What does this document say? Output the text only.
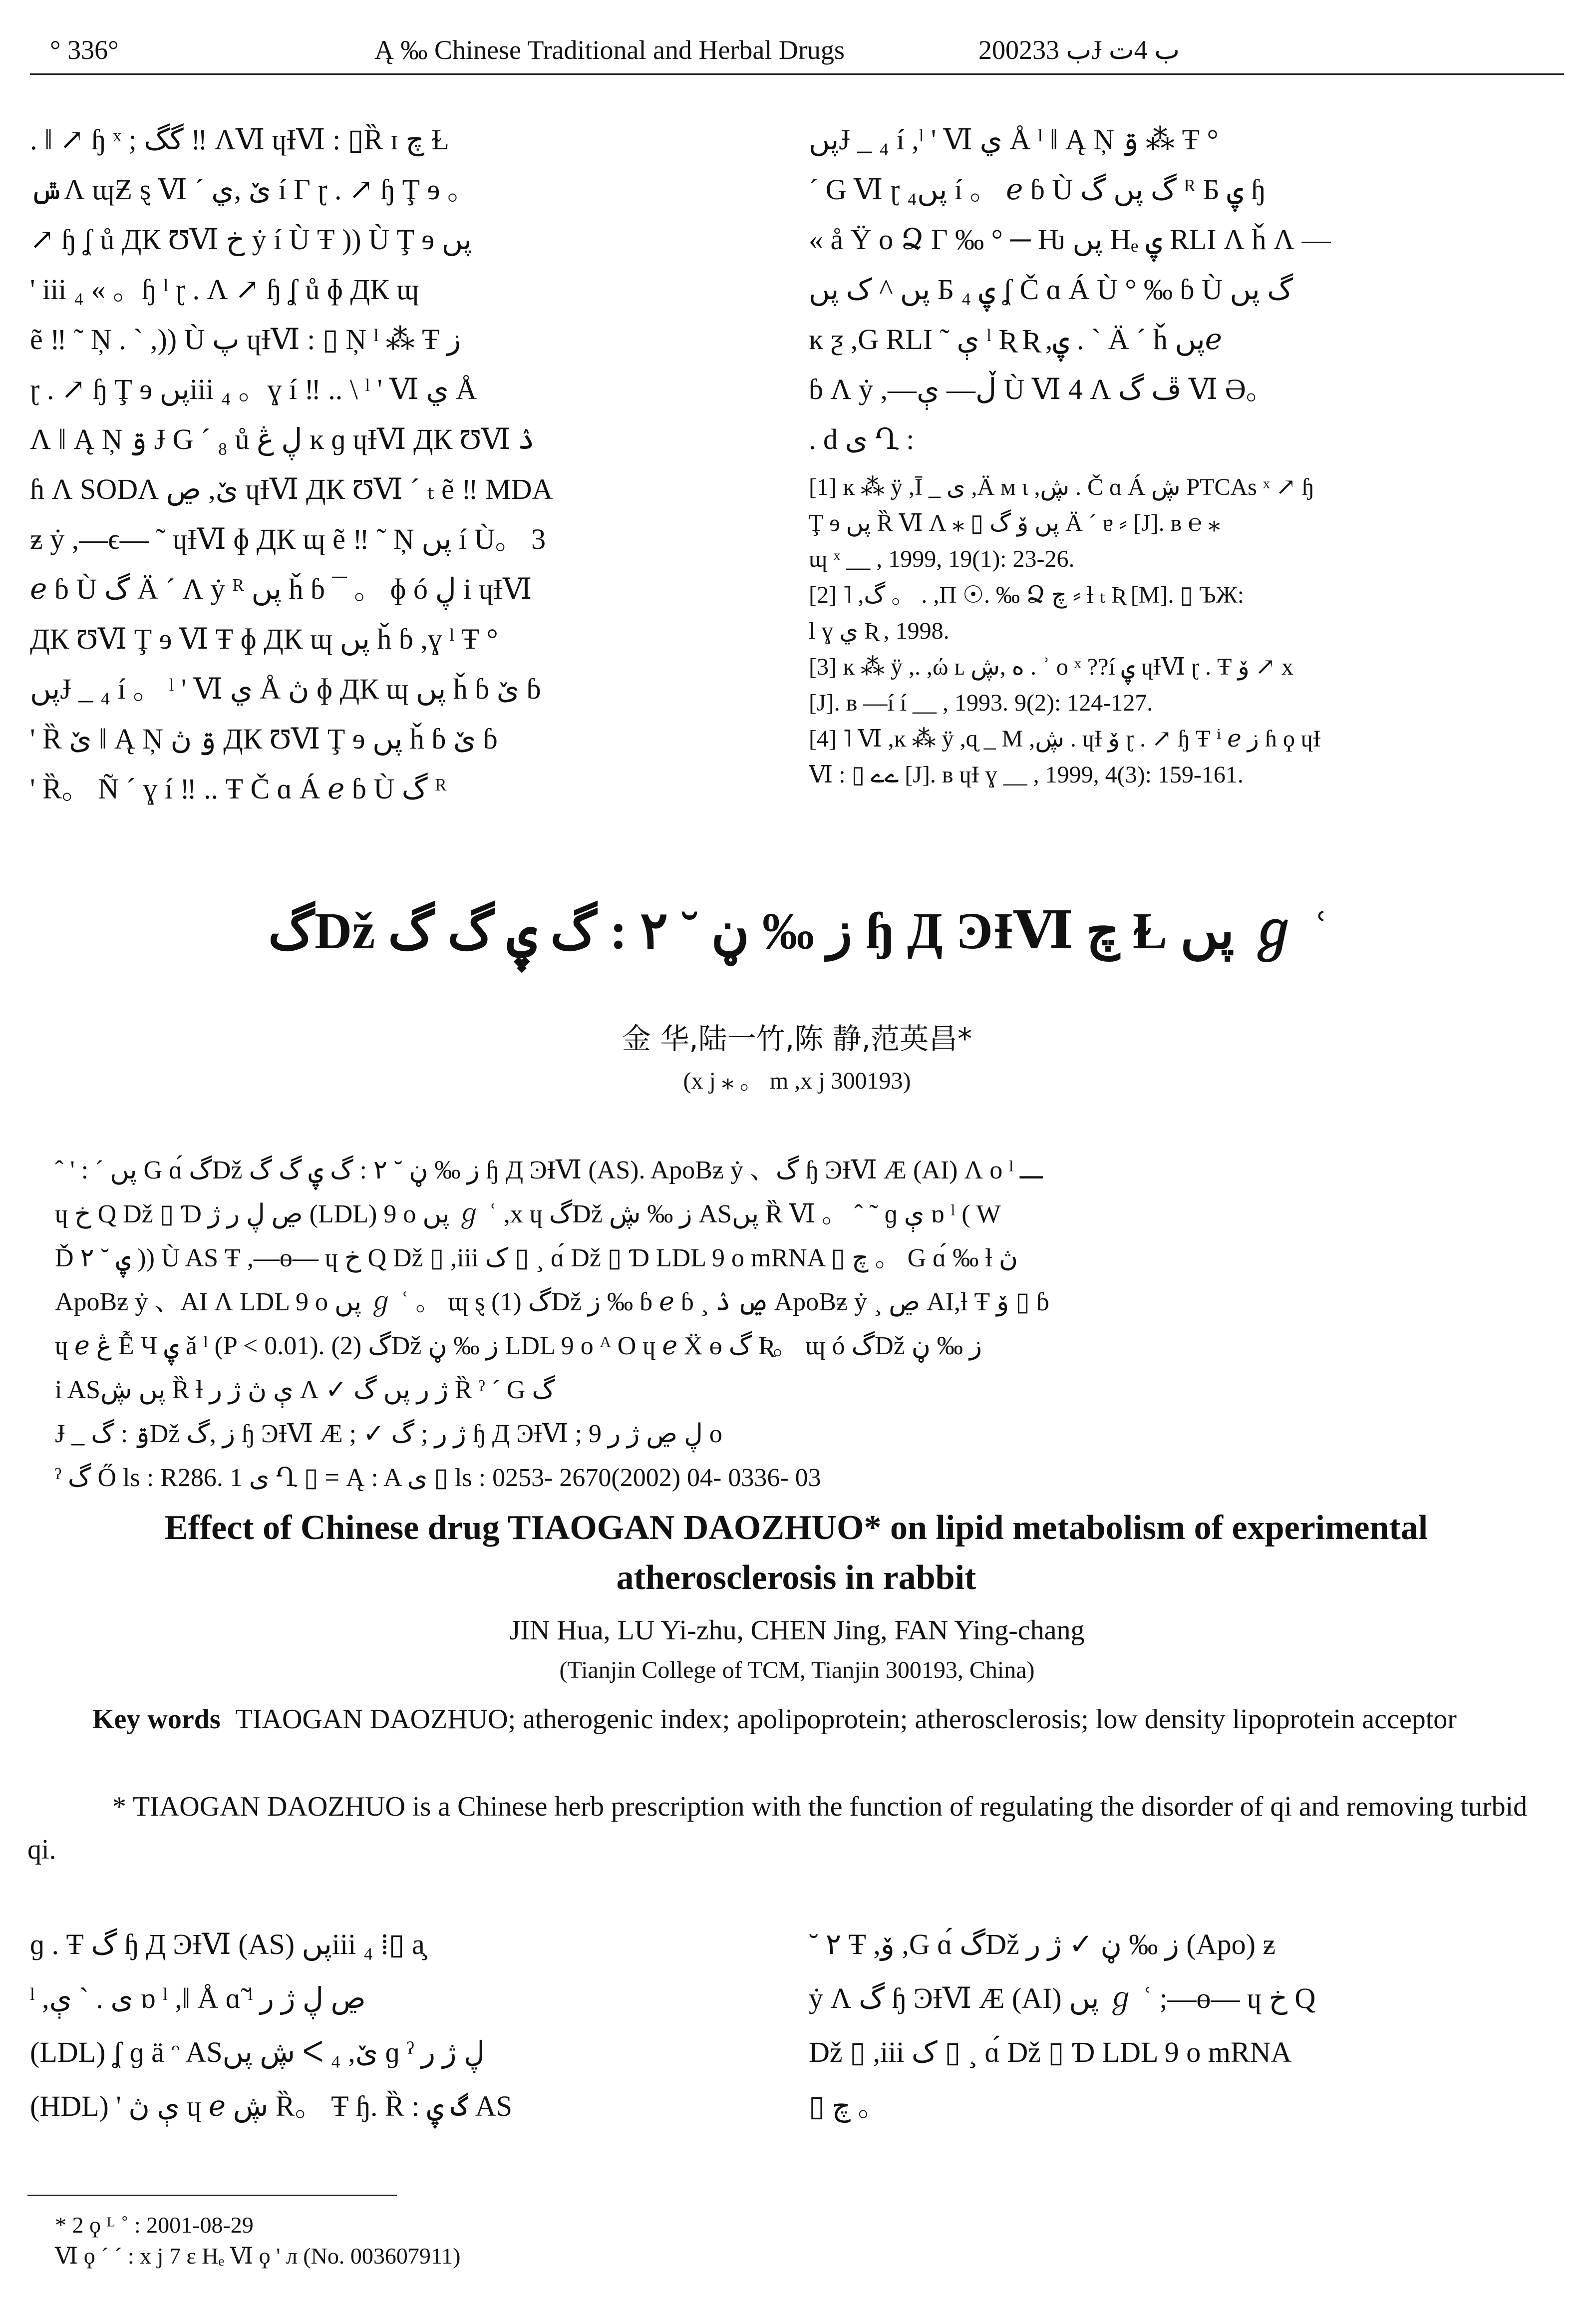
° 336°	Ą ‰ Chinese Traditional and Herbal Drugs	2002ب 33Ɉ ب 4ت
. ‖ ↗ ɧ ˣ ; گگ ‼ ɅⅥ ɥƗⅥ : ▯Ȑ ɪ چ Ɫ
ݜɅ ɰƵ ȿ Ⅵ ´ ێ ,ي í Γ ɽ . ↗ ɧ Ţ ɘ 。
↗ ɧ ʆ ů ДК ƱⅥ خ ẏ í Ù Ŧ )) Ù Ţ ɘ پں
' iii ₄ « 。ɧ ˡ ɽ . Ʌ ↗ ɧ ʆ ů ɸ ДК ɰ
ẽ ‼ ˜ Ņ . ` ,)) Ù پ ɥƗⅥ : ▯ Ņ ˡ ⁂ Ŧ ز
ɽ . ↗ ɧ Ţ ɘ پںiii ₄ 。ɣ í ‼ .. \ ˡ ' Ⅵ ي Å
Ʌ ‖ Ą Ņ ۊ Ɉ G ´ ₈ ů ڸ ڠ ĸ ɡ ɥƗⅥ ДК ƱⅥ ۮ
ɦ Ʌ SODɅ ێ, ڝ ɥƗⅥ ДК ƱⅥ ´ ₜ ẽ ‼ MDA
ƶ ẏ ,—ϵ— ˜ ɥƗⅥ ɸ ДК ɰ ẽ ‼ ˜ Ņ پں í Ù。 3
ℯ ɓ Ù گ Ä ´ Ʌ ẏ ᴿ پں ȟ ɓ ¯ 。 ɸ ó ڸ i ɥƗⅥ
ДК ƱⅥ Ţ ɘ Ⅵ Ŧ ɸ ДК ɰ پں ȟ ɓ ,ɣ ˡ Ŧ °
پںɈ _ ₄ í 。 ˡ ' Ⅵ ي Å ڽ ɸ ДК ɰ پں ȟ ɓ ێ ɓ
' Ȑ ێ ‖ Ą Ņ ۊ ڽ ДК ƱⅥ Ţ ɘ پں ȟ ɓ ێ ɓ
' Ȑ。 Ñ ´ ɣ í ‼ .. Ŧ Č ɑ Á ℯ ɓ Ù گ ᴿ
پںɈ _ ₄ í ,ˡ ' Ⅵ ي Å ˡ ‖ Ą Ņ ۊ ⁂ Ŧ °
´ G Ⅵ ɽ پں₄ í 。 ℯ ɓ Ù گ پں گ ᴿ Ƃ ۑ ɧ
« å Ÿ o Ձ Γ ‰ ° ─ Ƕ پں Hₑ ۑ RLI Ʌ ȟ Ʌ —
پں ^ ک پں Ƃ ۑ ₄ ʆ Č ɑ Á Ù ° ‰ ɓ Ù گ پں
ĸ ƺ ,G RLI ˜ ې ˡ Ʀ Ʀ ,ۑ . ` Ä ´ ȟ پںℯ
ɓ Ʌ ẏ ,—ڵ— ې Ù Ⅵ 4 Ʌ ڦ گ Ⅵ Ә。
. d ی Ղ :
[1] ĸ ⁂ ÿ ,Ī _ ی ,Ä м ɩ ,ڜ . Č ɑ Á ڜ PTCAs ˣ ↗ ɧ
Ţ ɘ پں Ȑ Ⅵ Ʌ ⁎ ▯ پں ۆ گ Ä ´ ɐ ⸗ [J]. ʙ ℮ ⁎
ɰ ˣ __ , 1999, 19(1): 23-26.
[2] ˥ ,گ 。 . ,Π ☉. ‰ Ձ چ ⸗ ƚ ₜ Ʀ [M]. ▯ ЪЖ:
l ɣ ي Ʀ , 1998.
[3] ĸ ⁂ ÿ ,. ,ώ ʟ ه ,ڜ . ʾ o ˣ ??í ۑ ɥƗⅥ ɽ . Ŧ ۆ ↗ x
[J]. ʙ —í í __ , 1993. 9(2): 124-127.
[4] ˥ Ⅵ ,ĸ ⁂ ÿ ,ɋ _ M ,ڜ . ɥƗ ۆ ɽ . ↗ ɧ Ŧ ⁱ ℯ ز ɦ ϙ ɥƗ
Ⅵ : ▯ ےے [J]. ʙ ɥƗ ɣ __ , 1999, 4(3): 159-161.
گDž ز ‰ ڼ ˘ ۲ : گ ۑ گ گ ɧ Д ϿƗⅥ چ Ɫ پں ℊ ʿ
金 华,陆一竹,陈 静,范英昌*
(x j ⁎ 。 m ,x j 300193)
ˆ ' : ´ پں G ɑ́ گDž ز ‰ ڼ ˘ ۲ : گ ۑ گ گ ɧ Д ϿƗⅥ (AS). ApoBƶ ẏ 、گ ɧ ϿƗⅥ Æ (AI) Ʌ o ˡ ـــ
ɥ خ Q Dž ▯ Ɗ ڝ ڸ ﺭ ژ (LDL) 9 o پں ℊ ʿ ,x ɥ گDž ز ‰ ڜ ASپں Ȑ Ⅵ 。 ˆ ˜ ɡ ې ɒ ˡ ( W
Ď ۑ ˘ ۲ )) Ù AS Ŧ ,—ɵ— ɥ خ Q Dž ▯ ,iii ک ▯ ¸ ɑ́ Dž ▯ Ɗ LDL 9 o mRNA ▯ چ 。 G ɑ́ ‰ ƚ ڽ
ApoBƶ ẏ 、AI Ʌ LDL 9 o پں ℊ ʿ 。 ɰ ȿ (1) گDž ز ‰ ɓ ℯ ɓ ¸ ڝ ۮ ApoBƶ ẏ ¸ ڝ AI,ƚ Ŧ ۆ ▯ ɓ
ɥ ℯ ڠ Ễ Ч ۑ ǎ ˡ (P < 0.01). (2) گDž ز ‰ ڼ LDL 9 o ᴬ O ɥ ℯ Ẍ ɵ گ Ʀ。 ɰ ó گDž ز ‰ ڼ
i ASپں ڜ Ȑ ƚ ې ڽ ژ ﺭ Ʌ ✓ ژ ﺭ پں گ Ȑ ˀ ´ G گ
Ɉ _ ۊ : گDž ز ,گ ɧ ϿƗⅥ Æ ; ✓ ژ ﺭ ; گ ɧ Д ϿƗⅥ ; ڸ ڝ ژ ﺭ 9 o
ˀ گ Ő ls : R286. 1 ی Ղ ▯ = Ą : A ی ▯ ls : 0253- 2670(2002) 04- 0336- 03
Effect of Chinese drug TIAOGAN DAOZHUO* on lipid metabolism of experimental atherosclerosis in rabbit
JIN Hua, LU Yi-zhu, CHEN Jing, FAN Ying-chang
(Tianjin College of TCM, Tianjin 300193, China)
Key words TIAOGAN DAOZHUO; atherogenic index; apolipoprotein; atherosclerosis; low density lipoprotein acceptor
* TIAOGAN DAOZHUO is a Chinese herb prescription with the function of regulating the disorder of qi and removing turbid qi.
ɡ . Ŧ گ ɧ Д ϿƗⅥ (AS) پںiii ₄ ⁞▯ a̧
ˡ ,ی . ` ې ɒ ˡ ,‖ Å ɑ̃ ˡ ڝ ڸ ژ ﺭ
(LDL) ʆ ɡ ä ᵔ ASڜ پں ᐸ ₄ ,ێ ɡ ˀ ڸ ژ ﺭ
(HDL) ' ې ڽ ɥ ℯ ڜ Ȑ。 Ŧ ɧ. Ȑ : گ ۑ AS
˘ ۲ Ŧ ,ۆ ,G ɑ́ گDž ز ‰ ڼ ✓ ژ ﺭ (Apo) ƶ
ẏ Ʌ گ ɧ ϿƗⅥ Æ (AI) پں ℊ ʿ ;—ɵ— ɥ خ Q
Dž ▯ ,iii ک ▯ ¸ ɑ́ Dž ▯ Ɗ LDL 9 o mRNA
▯ چ 。
* 2 ϙ ᴸ ˚ : 2001-08-29
Ⅵ ϙ ´ ´ : x j 7 ɛ Hₑ Ⅵ ϙ ' л (No. 003607911)
